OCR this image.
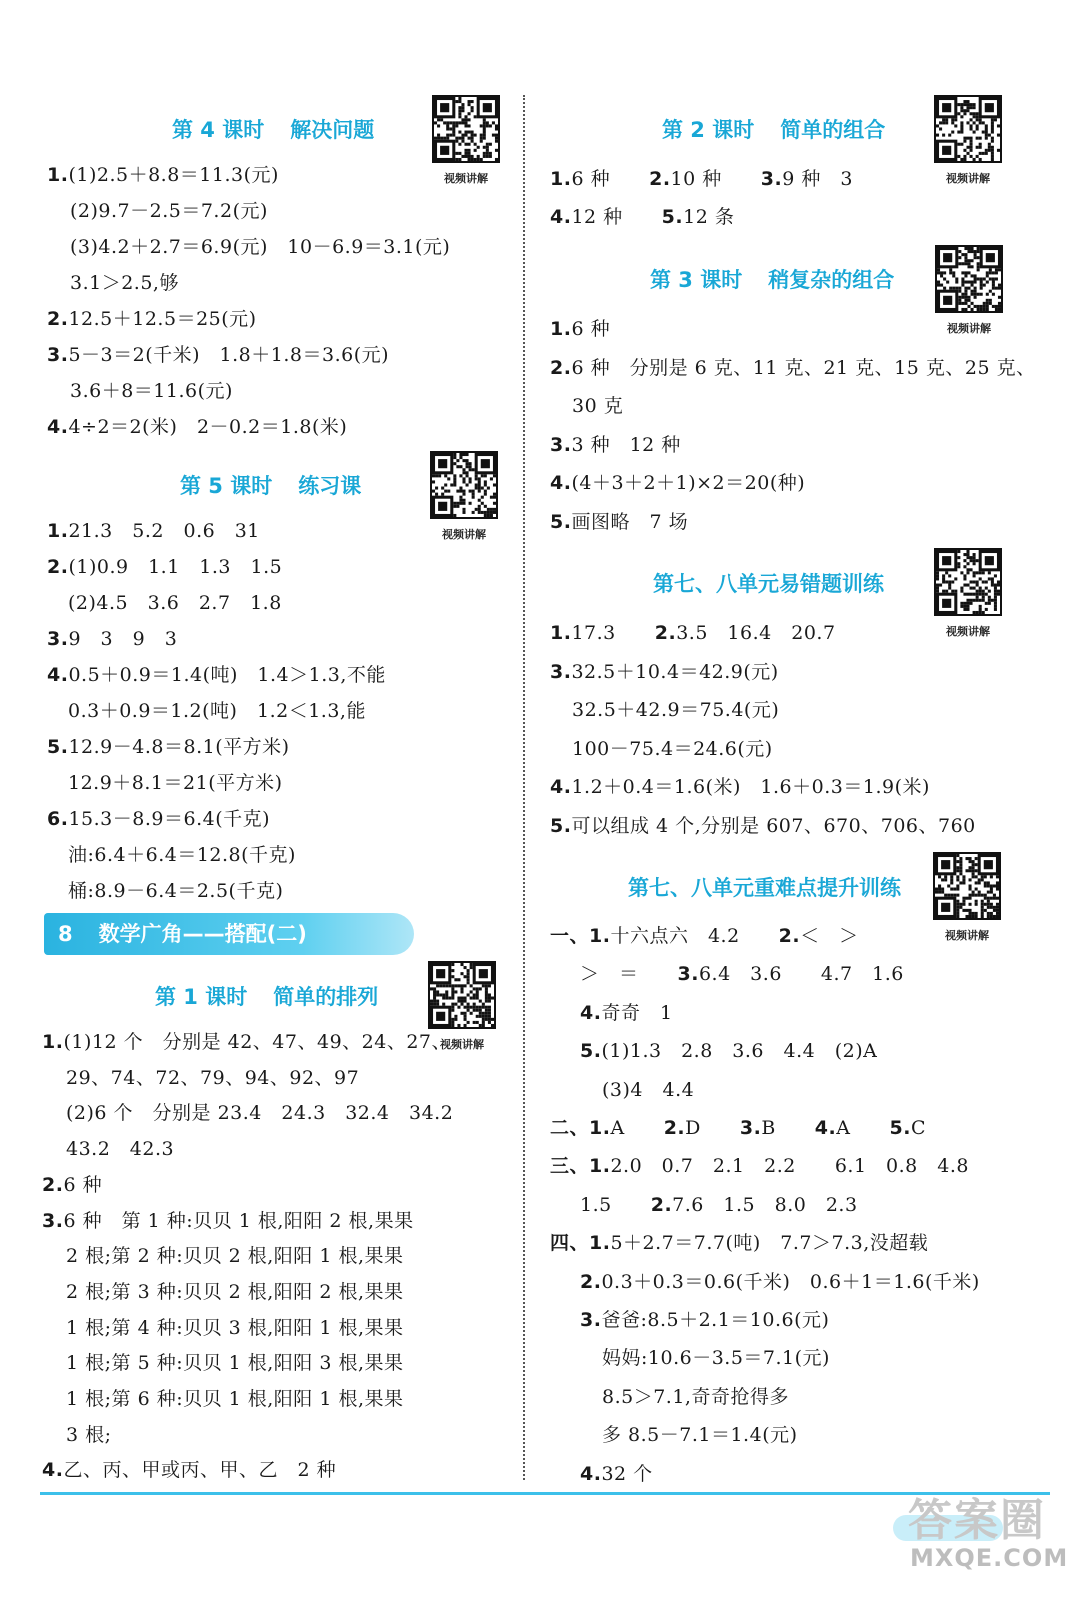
第 4 课时 解决问题
视频讲解
1.(1)2.5＋8.8＝11.3(元)
(2)9.7－2.5＝7.2(元)
(3)4.2＋2.7＝6.9(元)　10－6.9＝3.1(元)
3.1＞2.5,够
2.12.5＋12.5＝25(元)
3.5－3＝2(千米)　1.8＋1.8＝3.6(元)
3.6＋8＝11.6(元)
4.4÷2＝2(米)　2－0.2＝1.8(米)
第 5 课时 练习课
视频讲解
1.21.3　5.2　0.6　31
2.(1)0.9　1.1　1.3　1.5
(2)4.5　3.6　2.7　1.8
3.9　3　9　3
4.0.5＋0.9＝1.4(吨)　1.4＞1.3,不能
0.3＋0.9＝1.2(吨)　1.2＜1.3,能
5.12.9－4.8＝8.1(平方米)
12.9＋8.1＝21(平方米)
6.15.3－8.9＝6.4(千克)
油:6.4＋6.4＝12.8(千克)
桶:8.9－6.4＝2.5(千克)
8 数学广角——搭配(二)
第 1 课时 简单的排列
视频讲解
1.(1)12 个　分别是 42、47、49、24、27、
29、74、72、79、94、92、97
(2)6 个　分别是 23.4　24.3　32.4　34.2
43.2　42.3
2.6 种
3.6 种　第 1 种:贝贝 1 根,阳阳 2 根,果果
2 根;第 2 种:贝贝 2 根,阳阳 1 根,果果
2 根;第 3 种:贝贝 2 根,阳阳 2 根,果果
1 根;第 4 种:贝贝 3 根,阳阳 1 根,果果
1 根;第 5 种:贝贝 1 根,阳阳 3 根,果果
1 根;第 6 种:贝贝 1 根,阳阳 1 根,果果
3 根;
4.乙、丙、甲或丙、甲、乙　2 种
第 2 课时 简单的组合
视频讲解
1.6 种　　2.10 种　　3.9 种　3
4.12 种　　5.12 条
第 3 课时 稍复杂的组合
视频讲解
1.6 种
2.6 种　分别是 6 克、11 克、21 克、15 克、25 克、
30 克
3.3 种　12 种
4.(4＋3＋2＋1)×2＝20(种)
5.画图略　7 场
第七、八单元易错题训练
视频讲解
1.17.3　　2.3.5　16.4　20.7
3.32.5＋10.4＝42.9(元)
32.5＋42.9＝75.4(元)
100－75.4＝24.6(元)
4.1.2＋0.4＝1.6(米)　1.6＋0.3＝1.9(米)
5.可以组成 4 个,分别是 607、670、706、760
第七、八单元重难点提升训练
视频讲解
一、1.十六点六　4.2　　2.＜　＞
＞　＝　　3.6.4　3.6　　4.7　1.6
4.奇奇　1
5.(1)1.3　2.8　3.6　4.4　(2)A
(3)4　4.4
二、1.A　　2.D　　3.B　　4.A　　5.C
三、1.2.0　0.7　2.1　2.2　　6.1　0.8　4.8
1.5　　2.7.6　1.5　8.0　2.3
四、1.5＋2.7＝7.7(吨)　7.7＞7.3,没超载
2.0.3＋0.3＝0.6(千米)　0.6＋1＝1.6(千米)
3.爸爸:8.5＋2.1＝10.6(元)
妈妈:10.6－3.5＝7.1(元)
8.5＞7.1,奇奇抢得多
多 8.5－7.1＝1.4(元)
4.32 个
答案圈
MXQE.COM
